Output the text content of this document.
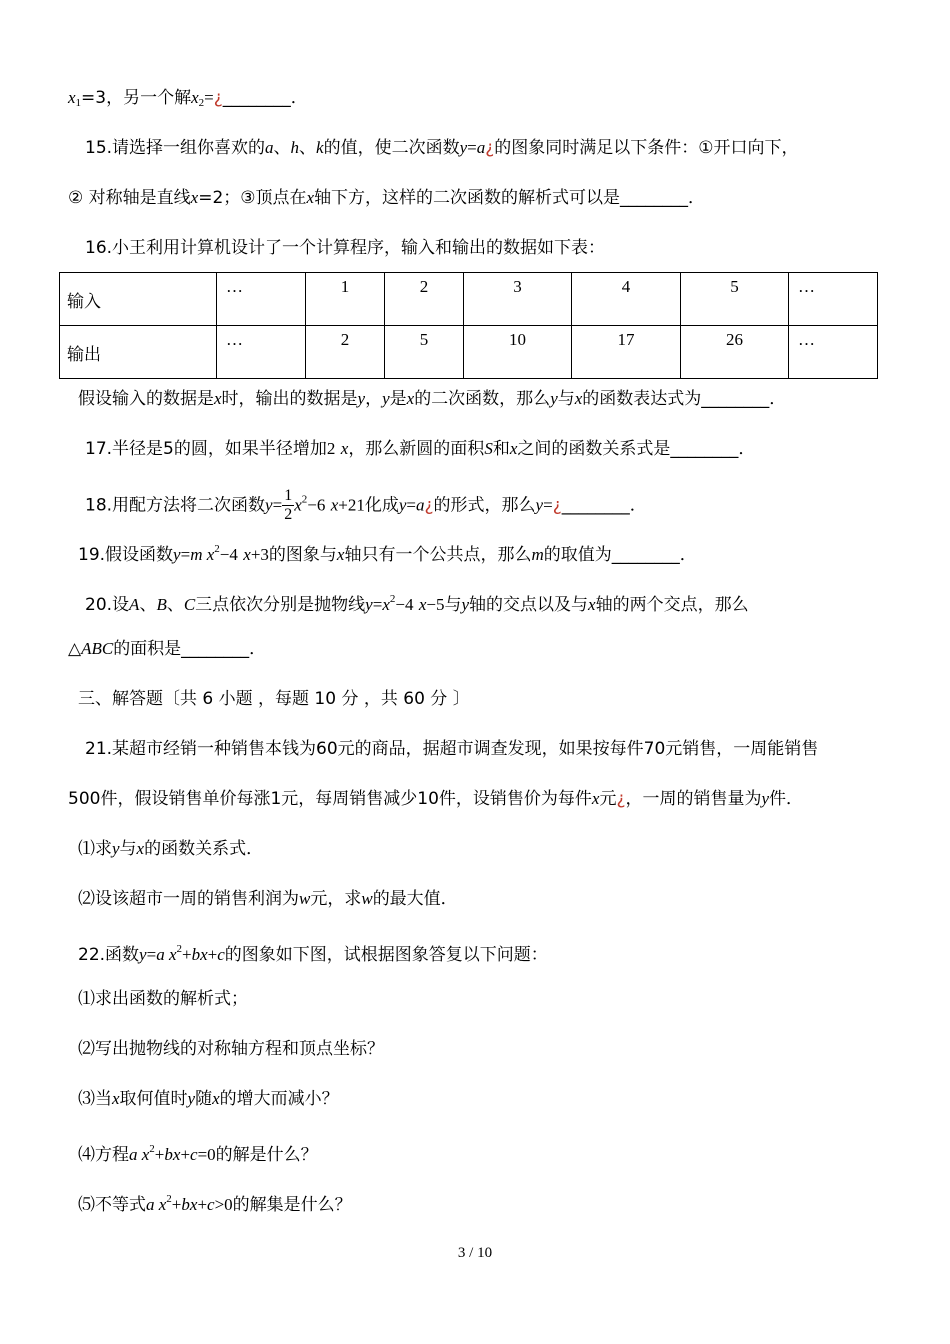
$x_1=3$，另一个解$x_2=¿\_\_\_\_\_\_\_\_$．
15.请选择一组你喜欢的a、h、k的值，使二次函数y=a¿的图象同时满足以下条件：①开口向下，
② 对称轴是直线x=2；③顶点在x轴下方，这样的二次函数的解析式可以是________．
16.小王利用计算机设计了一个计算程序，输入和输出的数据如下表：
输入	…	1	2	3	4	5	…
输出	…	2	5	10	17	26	…
假设输入的数据是x时，输出的数据是y，y是x的二次函数，那么y与x的函数表达式为________．
17.半径是5的圆，如果半径增加2 x，那么新圆的面积S和x之间的函数关系式是________．
18.用配方法将二次函数$y= \frac{1}{2} x^2-6$ x+21化成y=a¿的形式，那么y=¿________．
19.假设函数y=m $x^2-4$ x+3的图象与x轴只有一个公共点，那么m的取值为________．
20.设A、B、C三点依次分别是抛物线$y=x^2-4$ x−5与y轴的交点以及与x轴的两个交点，那么
△ABC的面积是________．
三、解答题〔共 6 小题 ，每题 10 分 ，共 60 分 〕
21.某超市经销一种销售本钱为60元的商品，据超市调查发现，如果按每件70元销售，一周能销售
500件，假设销售单价每涨1元，每周销售减少10件，设销售价为每件x元¿，一周的销售量为y件．
⑴求y与x的函数关系式．
⑵设该超市一周的销售利润为w元，求w的最大值．
22.函数y=a $x^2+bx+c$的图象如下图，试根据图象答复以下问题：
⑴求出函数的解析式；
⑵写出抛物线的对称轴方程和顶点坐标？
⑶当x取何值时y随x的增大而减小？
⑷方程a $x^2+bx+c=0$的解是什么？
⑸不等式a $x^2+bx+c>0$的解集是什么？
3 / 10
